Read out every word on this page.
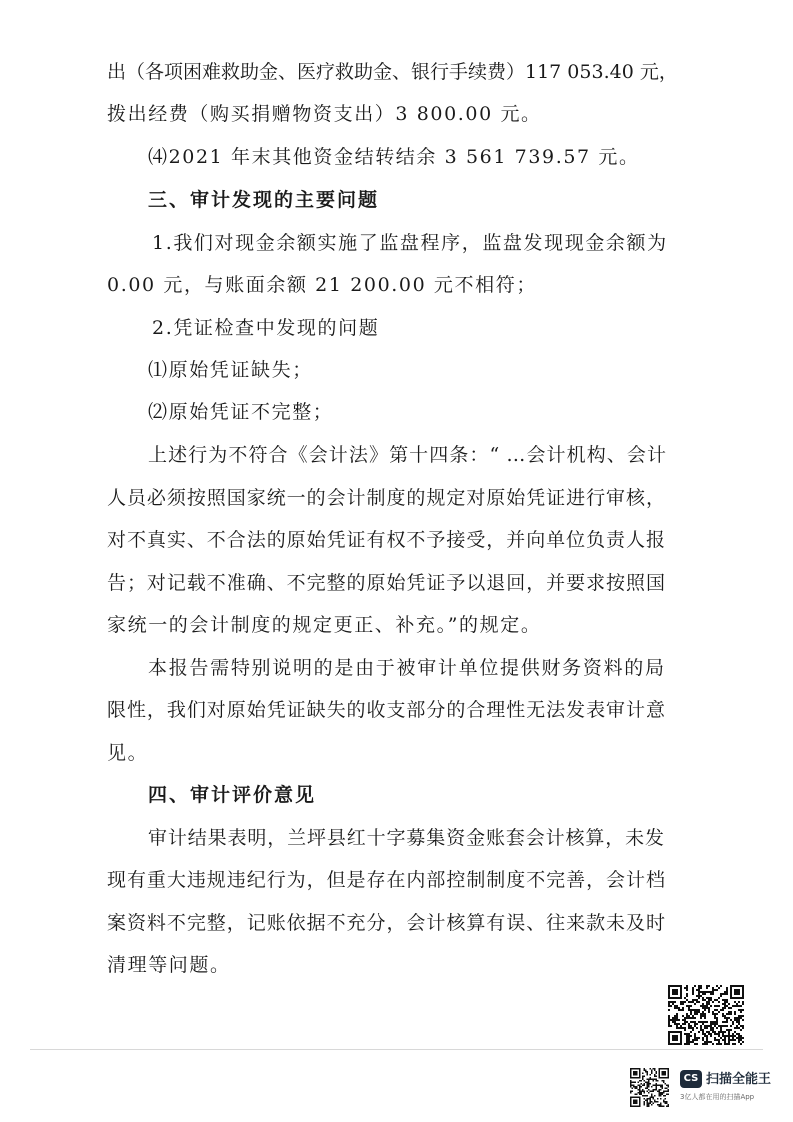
出（各项困难救助金、医疗救助金、银行手续费）117 053.40 元，
拨出经费（购买捐赠物资支出）3 800.00 元。
⑷2021 年末其他资金结转结余 3 561 739.57 元。
三、审计发现的主要问题
1.我们对现金余额实施了监盘程序，监盘发现现金余额为
0.00 元，与账面余额 21 200.00 元不相符；
2.凭证检查中发现的问题
⑴原始凭证缺失；
⑵原始凭证不完整；
上述行为不符合《会计法》第十四条：“ …会计机构、会计
人员必须按照国家统一的会计制度的规定对原始凭证进行审核，
对不真实、不合法的原始凭证有权不予接受，并向单位负责人报
告；对记载不准确、不完整的原始凭证予以退回，并要求按照国
家统一的会计制度的规定更正、补充。”的规定。
本报告需特别说明的是由于被审计单位提供财务资料的局
限性，我们对原始凭证缺失的收支部分的合理性无法发表审计意
见。
四、审计评价意见
审计结果表明，兰坪县红十字募集资金账套会计核算，未发
现有重大违规违纪行为，但是存在内部控制制度不完善，会计档
案资料不完整，记账依据不充分，会计核算有误、往来款未及时
清理等问题。
CS 扫描全能王
3亿人都在用的扫描App
